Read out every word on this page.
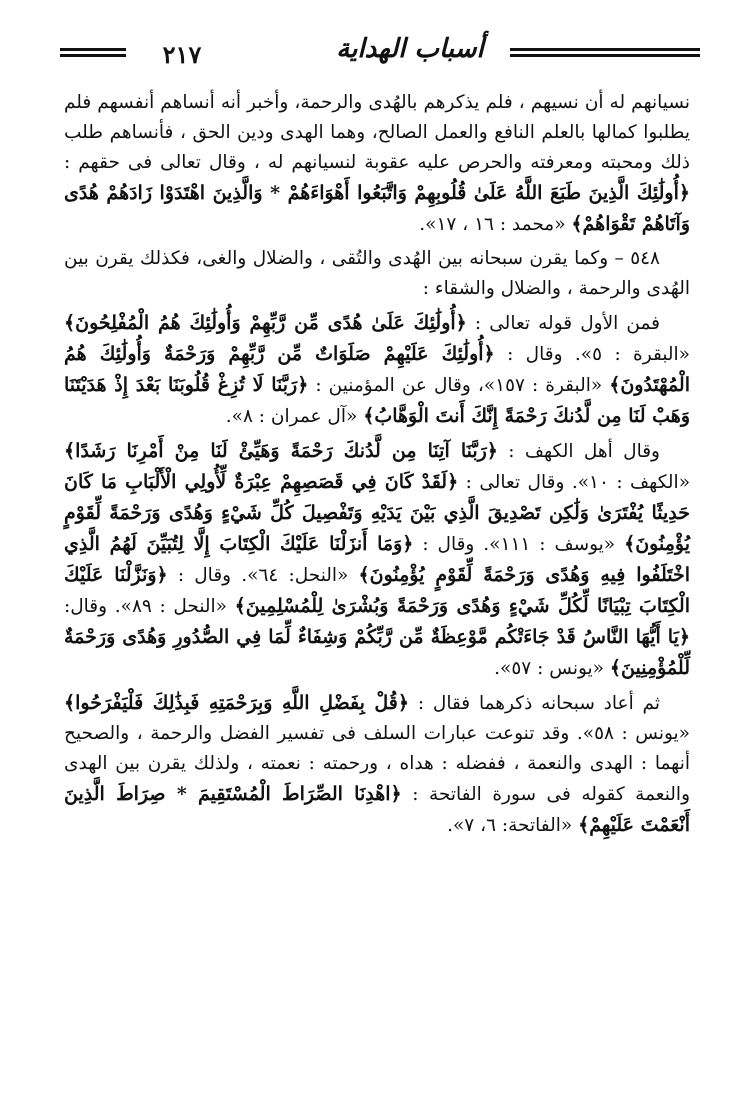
٢١٧	أسباب الهداية

نسيانهم له أن نسيهم ، فلم يذكرهم بالهُدى والرحمة، وأخبر أنه أنساهم أنفسهم فلم يطلبوا كمالها بالعلم النافع والعمل الصالح، وهما الهدى ودين الحق ، فأنساهم طلب ذلك ومحبته ومعرفته والحرص عليه عقوبة لنسيانهم له ، وقال تعالى فى حقهم : ﴿أُولَٰئِكَ الَّذِينَ طَبَعَ اللَّهُ عَلَىٰ قُلُوبِهِمْ وَاتَّبَعُوا أَهْوَاءَهُمْ * وَالَّذِينَ اهْتَدَوْا زَادَهُمْ هُدًى وَآتَاهُمْ تَقْوَاهُمْ﴾ «محمد : ١٦ ، ١٧».

٥٤٨ – وكما يقرن سبحانه بين الهُدى والتُقى ، والضلال والغى، فكذلك يقرن بين الهُدى والرحمة ، والضلال والشقاء :

فمن الأول قوله تعالى : ﴿أُولَٰئِكَ عَلَىٰ هُدًى مِّن رَّبِّهِمْ وَأُولَٰئِكَ هُمُ الْمُفْلِحُونَ﴾ «البقرة : ٥». وقال : ﴿أُولَٰئِكَ عَلَيْهِمْ صَلَوَاتٌ مِّن رَّبِّهِمْ وَرَحْمَةٌ وَأُولَٰئِكَ هُمُ الْمُهْتَدُونَ﴾ «البقرة : ١٥٧»، وقال عن المؤمنين : ﴿رَبَّنَا لَا تُزِغْ قُلُوبَنَا بَعْدَ إِذْ هَدَيْتَنَا وَهَبْ لَنَا مِن لَّدُنكَ رَحْمَةً إِنَّكَ أَنتَ الْوَهَّابُ﴾ «آل عمران : ٨».

وقال أهل الكهف : ﴿رَبَّنَا آتِنَا مِن لَّدُنكَ رَحْمَةً وَهَيِّئْ لَنَا مِنْ أَمْرِنَا رَشَدًا﴾ «الكهف : ١٠». وقال تعالى : ﴿لَقَدْ كَانَ فِي قَصَصِهِمْ عِبْرَةٌ لِّأُولِي الْأَلْبَابِ مَا كَانَ حَدِيثًا يُفْتَرَىٰ وَلَٰكِن تَصْدِيقَ الَّذِي بَيْنَ يَدَيْهِ وَتَفْصِيلَ كُلِّ شَيْءٍ وَهُدًى وَرَحْمَةً لِّقَوْمٍ يُؤْمِنُونَ﴾ «يوسف : ١١١». وقال : ﴿وَمَا أَنزَلْنَا عَلَيْكَ الْكِتَابَ إِلَّا لِتُبَيِّنَ لَهُمُ الَّذِي اخْتَلَفُوا فِيهِ وَهُدًى وَرَحْمَةً لِّقَوْمٍ يُؤْمِنُونَ﴾ «النحل: ٦٤». وقال : ﴿وَنَزَّلْنَا عَلَيْكَ الْكِتَابَ تِبْيَانًا لِّكُلِّ شَيْءٍ وَهُدًى وَرَحْمَةً وَبُشْرَىٰ لِلْمُسْلِمِينَ﴾ «النحل : ٨٩». وقال: ﴿يَا أَيُّهَا النَّاسُ قَدْ جَاءَتْكُم مَّوْعِظَةٌ مِّن رَّبِّكُمْ وَشِفَاءٌ لِّمَا فِي الصُّدُورِ وَهُدًى وَرَحْمَةٌ لِّلْمُؤْمِنِينَ﴾ «يونس : ٥٧».

ثم أعاد سبحانه ذكرهما فقال : ﴿قُلْ بِفَضْلِ اللَّهِ وَبِرَحْمَتِهِ فَبِذَٰلِكَ فَلْيَفْرَحُوا﴾ «يونس : ٥٨». وقد تنوعت عبارات السلف فى تفسير الفضل والرحمة ، والصحيح أنهما : الهدى والنعمة ، ففضله : هداه ، ورحمته : نعمته ، ولذلك يقرن بين الهدى والنعمة كقوله فى سورة الفاتحة : ﴿اهْدِنَا الصِّرَاطَ الْمُسْتَقِيمَ * صِرَاطَ الَّذِينَ أَنْعَمْتَ عَلَيْهِمْ﴾ «الفاتحة: ٦، ٧».
